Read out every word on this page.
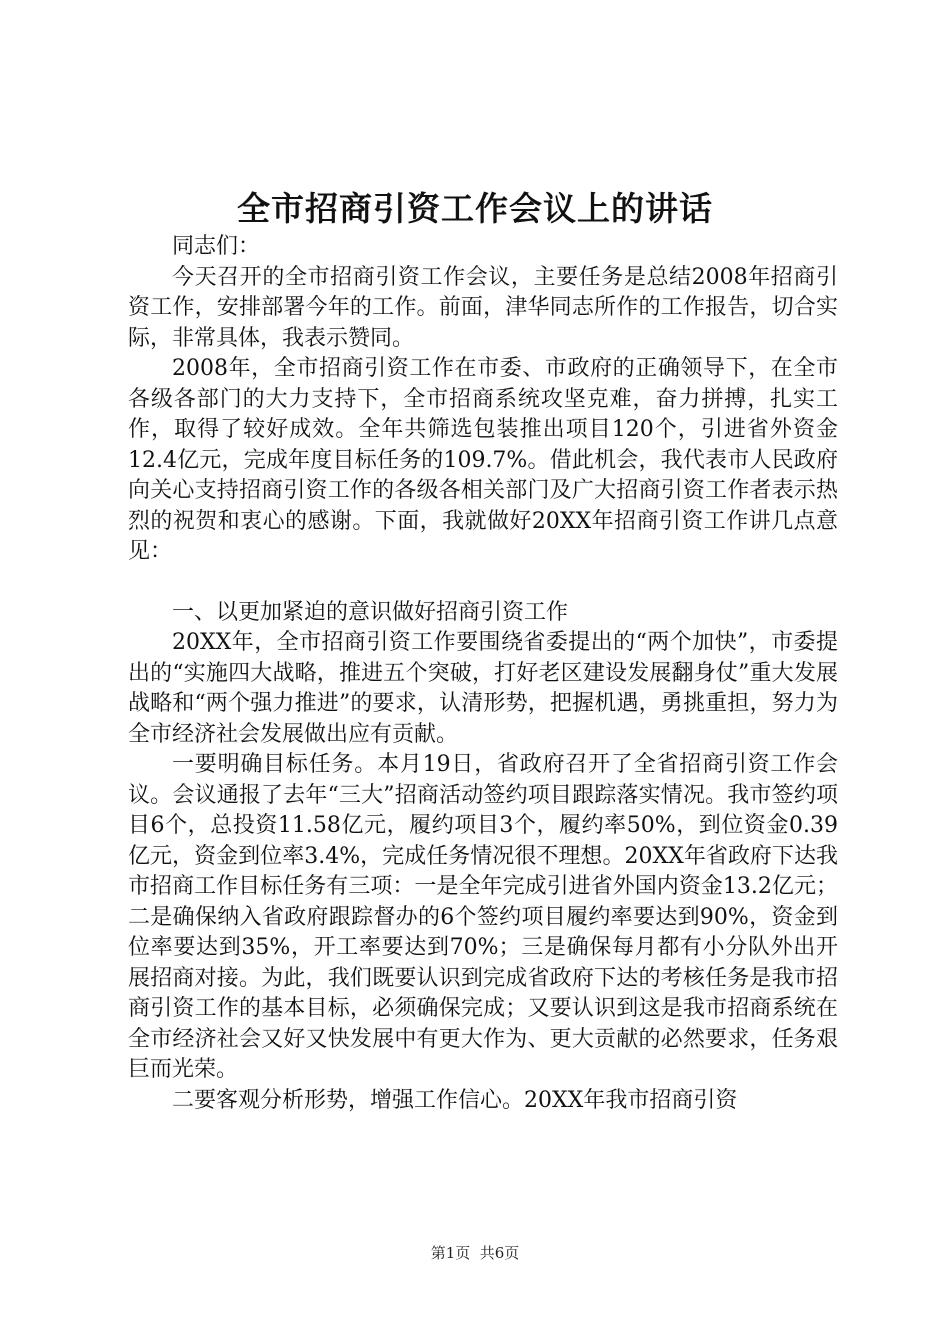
全市招商引资工作会议上的讲话

同志们：

今天召开的全市招商引资工作会议，主要任务是总结2008年招商引资工作，安排部署今年的工作。前面，津华同志所作的工作报告，切合实际，非常具体，我表示赞同。

2008年，全市招商引资工作在市委、市政府的正确领导下，在全市各级各部门的大力支持下，全市招商系统攻坚克难，奋力拼搏，扎实工作，取得了较好成效。全年共筛选包装推出项目120个，引进省外资金12.4亿元，完成年度目标任务的109.7%。借此机会，我代表市人民政府向关心支持招商引资工作的各级各相关部门及广大招商引资工作者表示热烈的祝贺和衷心的感谢。下面，我就做好20XX年招商引资工作讲几点意见：

一、以更加紧迫的意识做好招商引资工作

20XX年，全市招商引资工作要围绕省委提出的“两个加快”，市委提出的“实施四大战略，推进五个突破，打好老区建设发展翻身仗”重大发展战略和“两个强力推进”的要求，认清形势，把握机遇，勇挑重担，努力为全市经济社会发展做出应有贡献。

一要明确目标任务。本月19日，省政府召开了全省招商引资工作会议。会议通报了去年“三大”招商活动签约项目跟踪落实情况。我市签约项目6个，总投资11.58亿元，履约项目3个，履约率50%，到位资金0.39亿元，资金到位率3.4%，完成任务情况很不理想。20XX年省政府下达我市招商工作目标任务有三项：一是全年完成引进省外国内资金13.2亿元；二是确保纳入省政府跟踪督办的6个签约项目履约率要达到90%，资金到位率要达到35%，开工率要达到70%；三是确保每月都有小分队外出开展招商对接。为此，我们既要认识到完成省政府下达的考核任务是我市招商引资工作的基本目标，必须确保完成；又要认识到这是我市招商系统在全市经济社会又好又快发展中有更大作为、更大贡献的必然要求，任务艰巨而光荣。

二要客观分析形势，增强工作信心。20XX年我市招商引资

第1页  共6页
